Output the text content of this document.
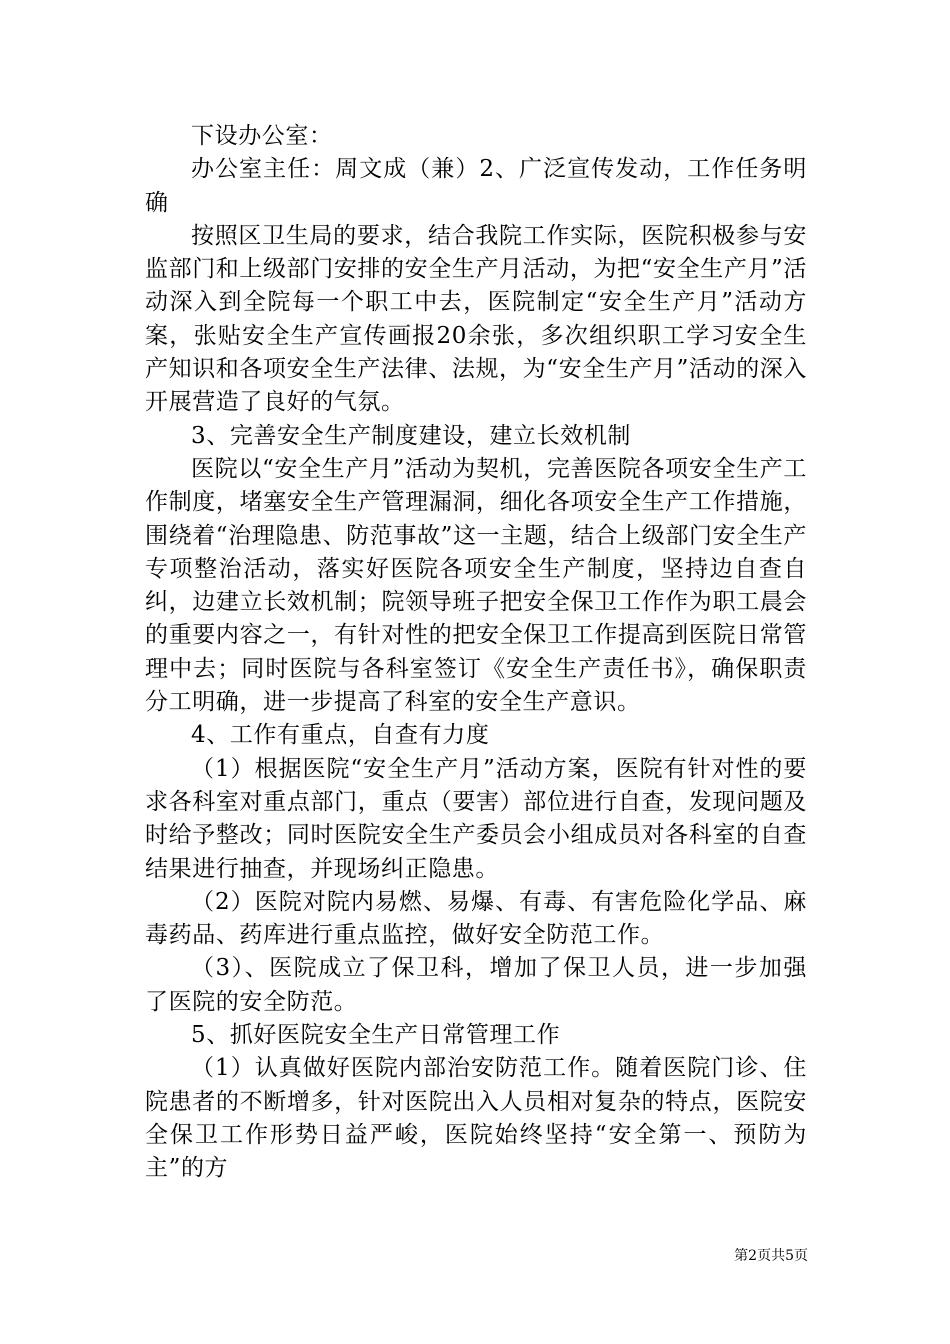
下设办公室：

办公室主任：周文成（兼）2、广泛宣传发动，工作任务明确

按照区卫生局的要求，结合我院工作实际，医院积极参与安监部门和上级部门安排的安全生产月活动，为把“安全生产月”活动深入到全院每一个职工中去，医院制定“安全生产月”活动方案，张贴安全生产宣传画报20余张，多次组织职工学习安全生产知识和各项安全生产法律、法规，为“安全生产月”活动的深入开展营造了良好的气氛。

3、完善安全生产制度建设，建立长效机制

医院以“安全生产月”活动为契机，完善医院各项安全生产工作制度，堵塞安全生产管理漏洞，细化各项安全生产工作措施，围绕着“治理隐患、防范事故”这一主题，结合上级部门安全生产专项整治活动，落实好医院各项安全生产制度，坚持边自查自纠，边建立长效机制；院领导班子把安全保卫工作作为职工晨会的重要内容之一，有针对性的把安全保卫工作提高到医院日常管理中去；同时医院与各科室签订《安全生产责任书》，确保职责分工明确，进一步提高了科室的安全生产意识。

4、工作有重点，自查有力度

（1）根据医院“安全生产月”活动方案，医院有针对性的要求各科室对重点部门，重点（要害）部位进行自查，发现问题及时给予整改；同时医院安全生产委员会小组成员对各科室的自查结果进行抽查，并现场纠正隐患。

（2）医院对院内易燃、易爆、有毒、有害危险化学品、麻毒药品、药库进行重点监控，做好安全防范工作。

（3）、医院成立了保卫科，增加了保卫人员，进一步加强了医院的安全防范。

5、抓好医院安全生产日常管理工作

（1）认真做好医院内部治安防范工作。随着医院门诊、住院患者的不断增多，针对医院出入人员相对复杂的特点，医院安全保卫工作形势日益严峻，医院始终坚持“安全第一、预防为主”的方

第2页共5页
